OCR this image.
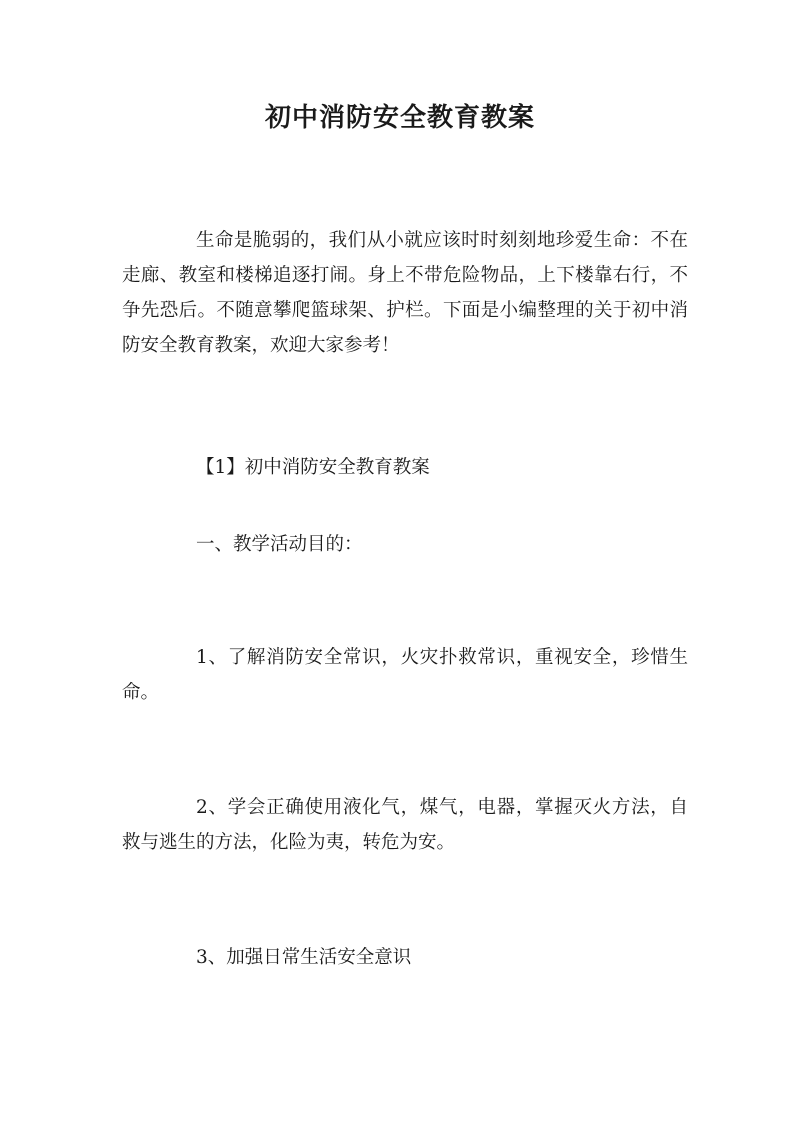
初中消防安全教育教案

生命是脆弱的，我们从小就应该时时刻刻地珍爱生命：不在走廊、教室和楼梯追逐打闹。身上不带危险物品，上下楼靠右行，不争先恐后。不随意攀爬篮球架、护栏。下面是小编整理的关于初中消防安全教育教案，欢迎大家参考！

【1】初中消防安全教育教案

一、教学活动目的：

1、了解消防安全常识，火灾扑救常识，重视安全，珍惜生命。

2、学会正确使用液化气，煤气，电器，掌握灭火方法，自救与逃生的方法，化险为夷，转危为安。

3、加强日常生活安全意识
